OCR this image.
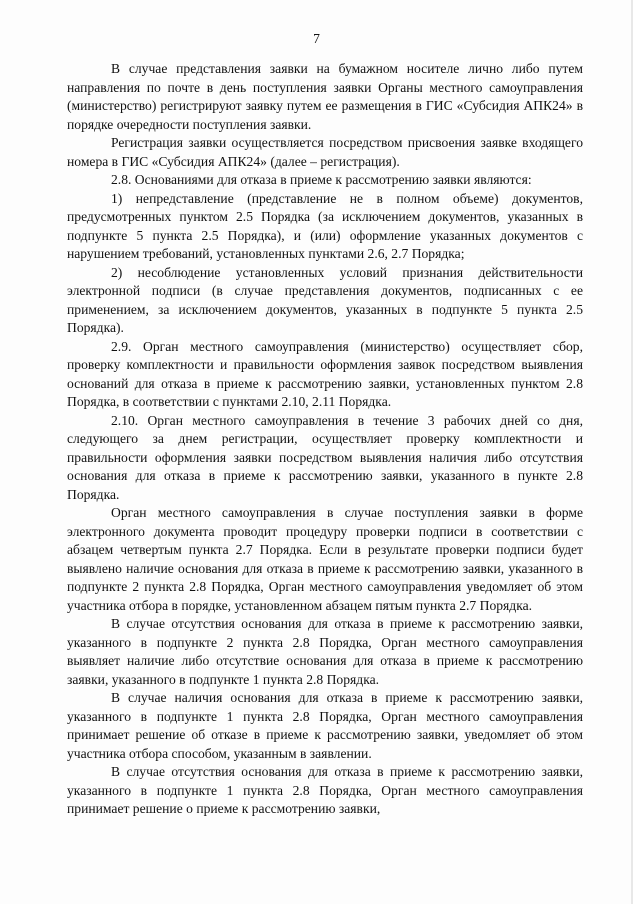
7

В случае представления заявки на бумажном носителе лично либо путем направления по почте в день поступления заявки Органы местного самоуправления (министерство) регистрируют заявку путем ее размещения в ГИС «Субсидия АПК24» в порядке очередности поступления заявки.

Регистрация заявки осуществляется посредством присвоения заявке входящего номера в ГИС «Субсидия АПК24» (далее – регистрация).

2.8. Основаниями для отказа в приеме к рассмотрению заявки являются:

1) непредставление (представление не в полном объеме) документов, предусмотренных пунктом 2.5 Порядка (за исключением документов, указанных в подпункте 5 пункта 2.5 Порядка), и (или) оформление указанных документов с нарушением требований, установленных пунктами 2.6, 2.7 Порядка;

2) несоблюдение установленных условий признания действительности электронной подписи (в случае представления документов, подписанных с ее применением, за исключением документов, указанных в подпункте 5 пункта 2.5 Порядка).

2.9. Орган местного самоуправления (министерство) осуществляет сбор, проверку комплектности и правильности оформления заявок посредством выявления оснований для отказа в приеме к рассмотрению заявки, установленных пунктом 2.8 Порядка, в соответствии с пунктами 2.10, 2.11 Порядка.

2.10. Орган местного самоуправления в течение 3 рабочих дней со дня, следующего за днем регистрации, осуществляет проверку комплектности и правильности оформления заявки посредством выявления наличия либо отсутствия основания для отказа в приеме к рассмотрению заявки, указанного в пункте 2.8 Порядка.

Орган местного самоуправления в случае поступления заявки в форме электронного документа проводит процедуру проверки подписи в соответствии с абзацем четвертым пункта 2.7 Порядка. Если в результате проверки подписи будет выявлено наличие основания для отказа в приеме к рассмотрению заявки, указанного в подпункте 2 пункта 2.8 Порядка, Орган местного самоуправления уведомляет об этом участника отбора в порядке, установленном абзацем пятым пункта 2.7 Порядка.

В случае отсутствия основания для отказа в приеме к рассмотрению заявки, указанного в подпункте 2 пункта 2.8 Порядка, Орган местного самоуправления выявляет наличие либо отсутствие основания для отказа в приеме к рассмотрению заявки, указанного в подпункте 1 пункта 2.8 Порядка.

В случае наличия основания для отказа в приеме к рассмотрению заявки, указанного в подпункте 1 пункта 2.8 Порядка, Орган местного самоуправления принимает решение об отказе в приеме к рассмотрению заявки, уведомляет об этом участника отбора способом, указанным в заявлении.

В случае отсутствия основания для отказа в приеме к рассмотрению заявки, указанного в подпункте 1 пункта 2.8 Порядка, Орган местного самоуправления принимает решение о приеме к рассмотрению заявки,
